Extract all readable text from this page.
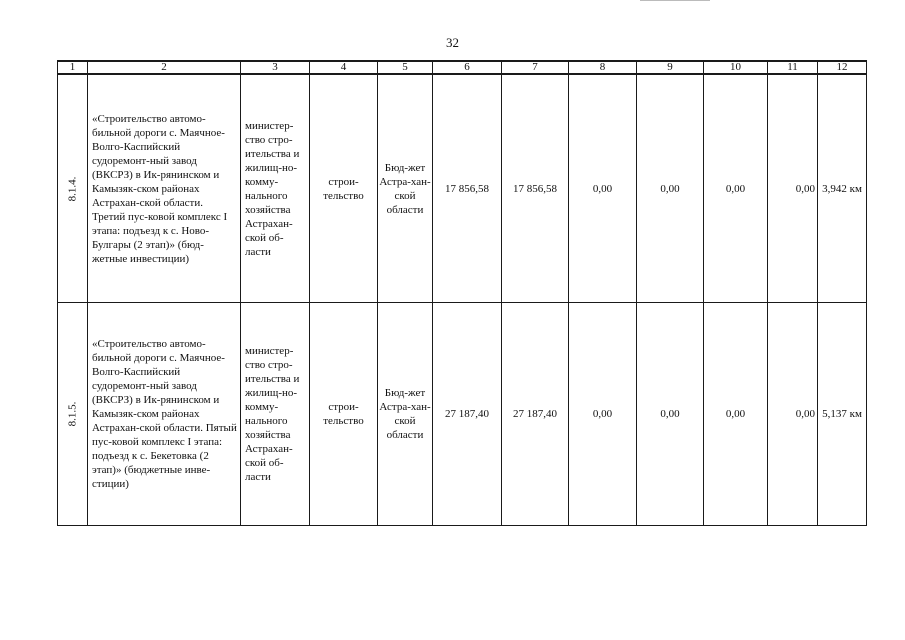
32
1	2	3	4	5	6	7	8	9	10	11	12
8.1.4.	«Строительство автомо-бильной дороги с. Маячное-Волго-Каспийский судоремонт-ный завод (ВКСРЗ) в Ик-рянинском и Камызяк-ском районах Астрахан-ской области. Третий пус-ковой комплекс I этапа: подъезд к с. Ново-Булгары (2 этап)» (бюд-жетные инвестиции)	министер-ство стро-ительства и жилищ-но-комму-нального хозяйства Астрахан-ской об-ласти	строи-тельство	Бюд-жет Астра-хан-ской области	17 856,58	17 856,58	0,00	0,00	0,00	0,00	3,942 км
8.1.5.	«Строительство автомо-бильной дороги с. Маячное-Волго-Каспийский судоремонт-ный завод (ВКСРЗ) в Ик-рянинском и Камызяк-ском районах Астрахан-ской области. Пятый пус-ковой комплекс I этапа: подъезд к с. Бекетовка (2 этап)» (бюджетные инве-стиции)	министер-ство стро-ительства и жилищ-но-комму-нального хозяйства Астрахан-ской об-ласти	строи-тельство	Бюд-жет Астра-хан-ской области	27 187,40	27 187,40	0,00	0,00	0,00	0,00	5,137 км
